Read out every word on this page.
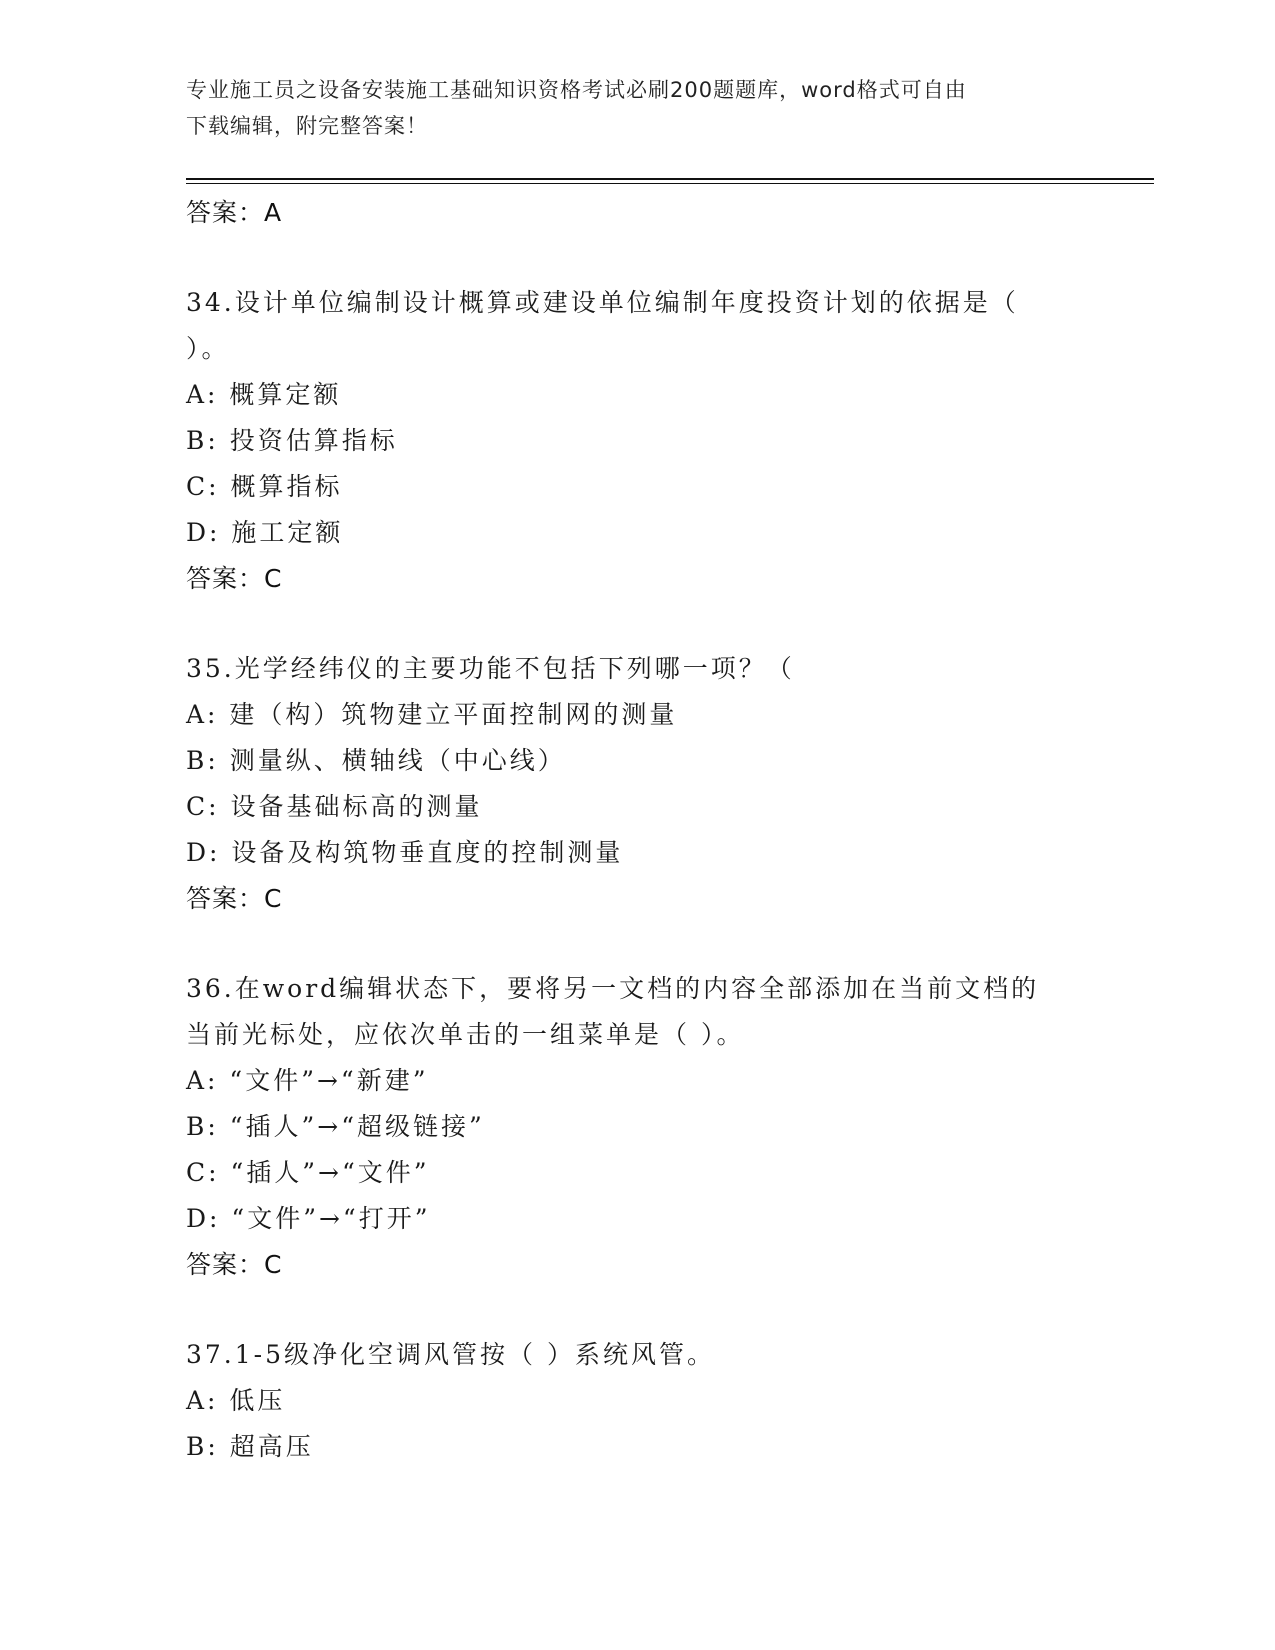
专业施工员之设备安装施工基础知识资格考试必刷200题题库，word格式可自由
下载编辑，附完整答案！
答案：A
34.设计单位编制设计概算或建设单位编制年度投资计划的依据是（
）。
A: 概算定额
B: 投资估算指标
C: 概算指标
D: 施工定额
答案：C
35.光学经纬仪的主要功能不包括下列哪一项？（
A: 建（构）筑物建立平面控制网的测量
B: 测量纵、横轴线（中心线）
C: 设备基础标高的测量
D: 设备及构筑物垂直度的控制测量
答案：C
36.在word编辑状态下，要将另一文档的内容全部添加在当前文档的
当前光标处，应依次单击的一组菜单是（ ）。
A: “文件”→“新建”
B: “插人”→“超级链接”
C: “插人”→“文件”
D: “文件”→“打开”
答案：C
37.1-5级净化空调风管按（ ）系统风管。
A: 低压
B: 超高压
